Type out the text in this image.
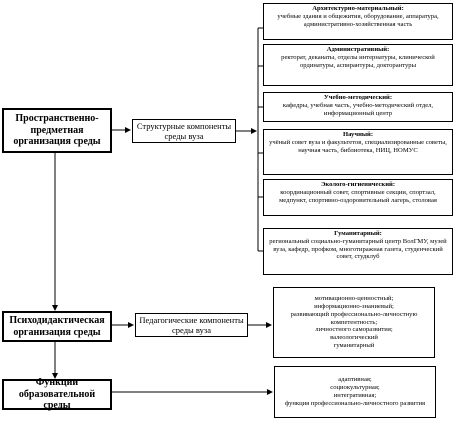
Пространственно-предметная организация среды
Психодидактическая организация среды
Функции образовательной среды
Структурные компоненты среды вуза
Педагогические компоненты среды вуза
Архитектурно-материальный:
учебные здания и общежития, оборудование, аппаратура, административно-хозяйственная часть
Административный:
ректорат, деканаты, отделы интернатуры, клинической ординатуры, аспирантуры, докторантуры
Учебно-методический:
кафедры, учебная часть, учебно-методический отдел, информационный центр
Научный:
учёный совет вуза и факультетов, специализированные советы, научная часть, библиотека, НИЦ, НОМУС
Эколого-гигиенический:
координационный совет, спортивные секции, спортзал, медпункт, спортивно-оздоровительный лагерь, столовая
Гуманитарный:
региональный социально-гуманитарный центр ВолГМУ, музей вуза, кафедр, профком, многотиражная газета, студенческий совет, студклуб
мотивационно-ценностный;
информационно-знаниевый;
развивающий профессионально-личностную компетентность;
личностного саморазвития;
валеологический
гуманитарный
адаптивная;
социокультурная;
интегративная;
функция профессионально-личностного развития
